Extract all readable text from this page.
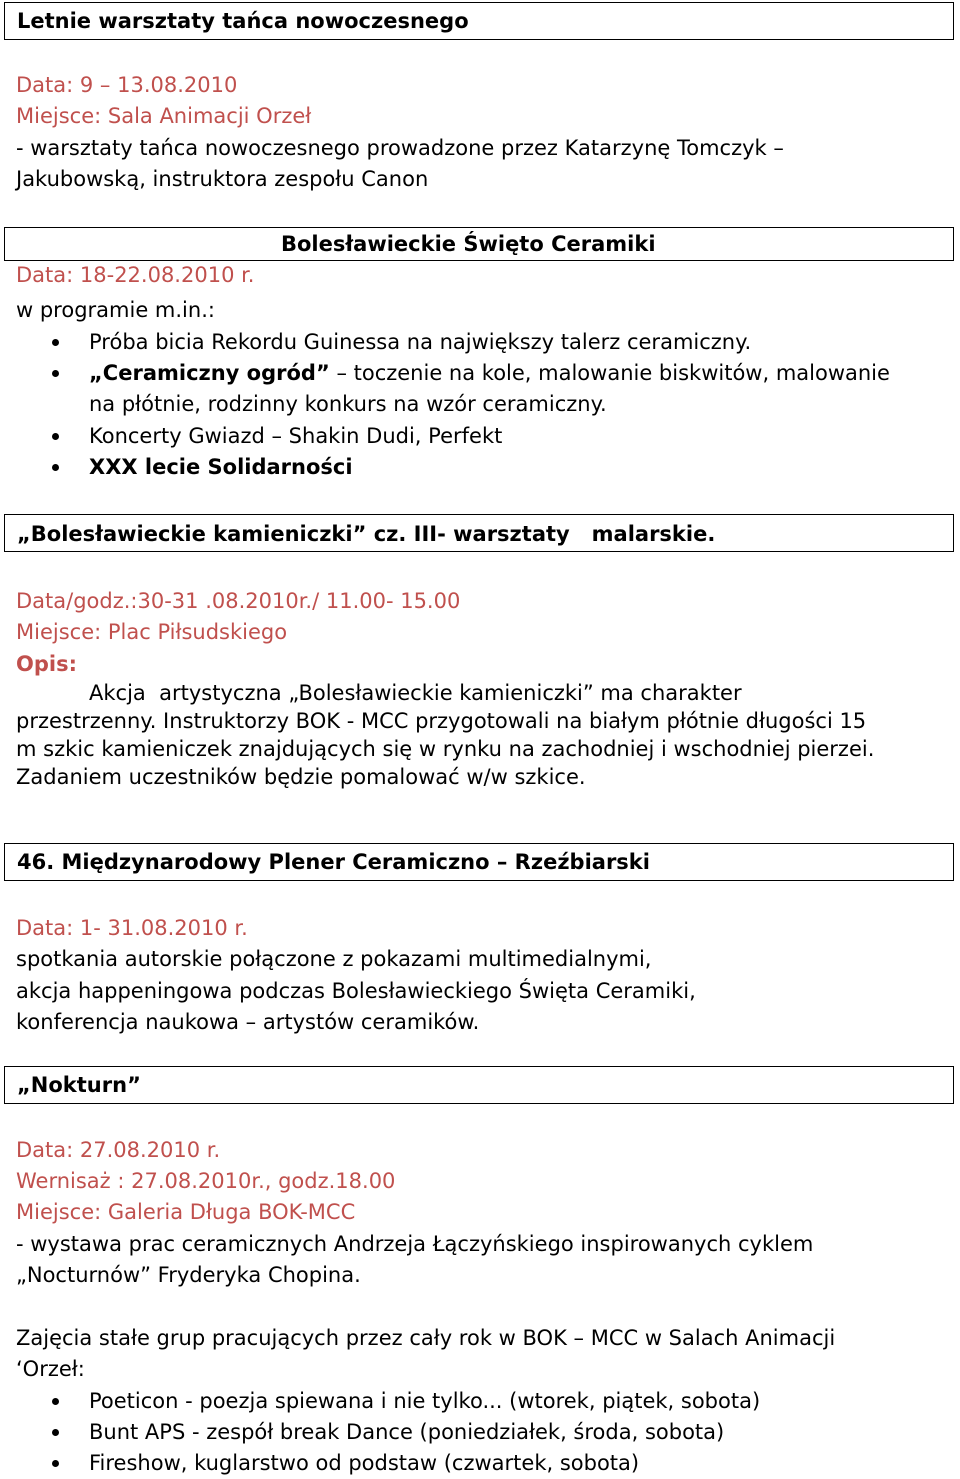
Letnie warsztaty tańca nowoczesnego
Data: 9 – 13.08.2010
Miejsce: Sala Animacji Orzeł
- warsztaty tańca nowoczesnego prowadzone przez Katarzynę Tomczyk –
Jakubowską, instruktora zespołu Canon
Bolesławieckie Święto Ceramiki
Data: 18-22.08.2010 r.
w programie m.in.:
Próba bicia Rekordu Guinessa na największy talerz ceramiczny.
„Ceramiczny ogród” – toczenie na kole, malowanie biskwitów, malowanie
na płótnie, rodzinny konkurs na wzór ceramiczny.
Koncerty Gwiazd – Shakin Dudi, Perfekt
XXX lecie Solidarności
„Bolesławieckie kamieniczki” cz. III- warsztaty   malarskie.
Data/godz.:30-31 .08.2010r./ 11.00- 15.00
Miejsce: Plac Piłsudskiego
Opis:
Akcja  artystyczna „Bolesławieckie kamieniczki” ma charakter
przestrzenny. Instruktorzy BOK - MCC przygotowali na białym płótnie długości 15
m szkic kamieniczek znajdujących się w rynku na zachodniej i wschodniej pierzei.
Zadaniem uczestników będzie pomalować w/w szkice.
46. Międzynarodowy Plener Ceramiczno – Rzeźbiarski
Data: 1- 31.08.2010 r.
spotkania autorskie połączone z pokazami multimedialnymi,
akcja happeningowa podczas Bolesławieckiego Święta Ceramiki,
konferencja naukowa – artystów ceramików.
„Nokturn”
Data: 27.08.2010 r.
Wernisaż : 27.08.2010r., godz.18.00
Miejsce: Galeria Długa BOK-MCC
- wystawa prac ceramicznych Andrzeja Łączyńskiego inspirowanych cyklem
„Nocturnów” Fryderyka Chopina.
Zajęcia stałe grup pracujących przez cały rok w BOK – MCC w Salach Animacji
‘Orzeł:
Poeticon - poezja spiewana i nie tylko... (wtorek, piątek, sobota)
Bunt APS - zespół break Dance (poniedziałek, środa, sobota)
Fireshow, kuglarstwo od podstaw (czwartek, sobota)
